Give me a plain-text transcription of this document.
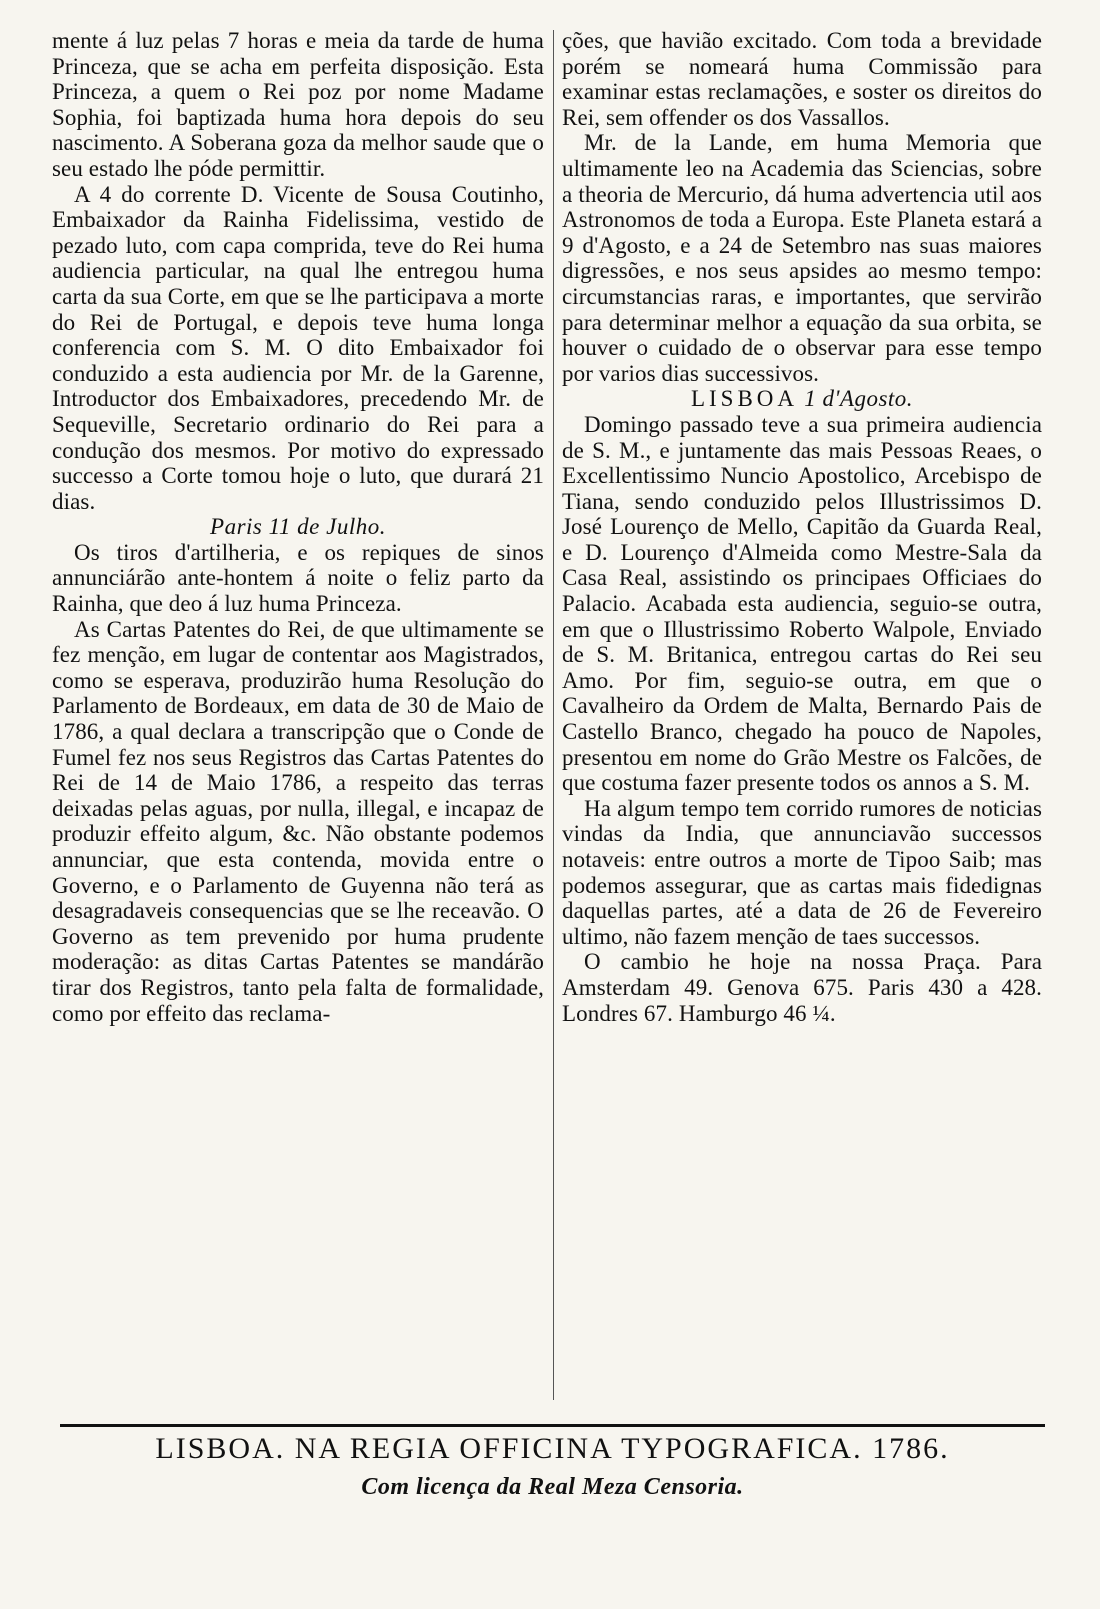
mente á luz pelas 7 horas e meia da tarde de huma Princeza, que se acha em perfeita disposição. Esta Princeza, a quem o Rei poz por nome Madame Sophia, foi baptizada huma hora depois do seu nascimento. A Soberana goza da melhor saude que o seu estado lhe póde permittir.

A 4 do corrente D. Vicente de Sousa Coutinho, Embaixador da Rainha Fidelissima, vestido de pezado luto, com capa comprida, teve do Rei huma audiencia particular, na qual lhe entregou huma carta da sua Corte, em que se lhe participava a morte do Rei de Portugal, e depois teve huma longa conferencia com S. M. O dito Embaixador foi conduzido a esta audiencia por Mr. de la Garenne, Introductor dos Embaixadores, precedendo Mr. de Sequeville, Secretario ordinario do Rei para a condução dos mesmos. Por motivo do expressado successo a Corte tomou hoje o luto, que durará 21 dias.

Paris 11 de Julho.

Os tiros d'artilheria, e os repiques de sinos annunciárão ante-hontem á noite o feliz parto da Rainha, que deo á luz huma Princeza.

As Cartas Patentes do Rei, de que ultimamente se fez menção, em lugar de contentar aos Magistrados, como se esperava, produzirão huma Resolução do Parlamento de Bordeaux, em data de 30 de Maio de 1786, a qual declara a transcripção que o Conde de Fumel fez nos seus Registros das Cartas Patentes do Rei de 14 de Maio 1786, a respeito das terras deixadas pelas aguas, por nulla, illegal, e incapaz de produzir effeito algum, &c. Não obstante podemos annunciar, que esta contenda, movida entre o Governo, e o Parlamento de Guyenna não terá as desagradaveis consequencias que se lhe receavão. O Governo as tem prevenido por huma prudente moderação: as ditas Cartas Patentes se mandárão tirar dos Registros, tanto pela falta de formalidade, como por effeito das reclama-

ções, que havião excitado. Com toda a brevidade porém se nomeará huma Commissão para examinar estas reclamações, e soster os direitos do Rei, sem offender os dos Vassallos.

Mr. de la Lande, em huma Memoria que ultimamente leo na Academia das Sciencias, sobre a theoria de Mercurio, dá huma advertencia util aos Astronomos de toda a Europa. Este Planeta estará a 9 d'Agosto, e a 24 de Setembro nas suas maiores digressões, e nos seus apsides ao mesmo tempo: circumstancias raras, e importantes, que servirão para determinar melhor a equação da sua orbita, se houver o cuidado de o observar para esse tempo por varios dias successivos.

LISBOA 1 d'Agosto.

Domingo passado teve a sua primeira audiencia de S. M., e juntamente das mais Pessoas Reaes, o Excellentissimo Nuncio Apostolico, Arcebispo de Tiana, sendo conduzido pelos Illustrissimos D. José Lourenço de Mello, Capitão da Guarda Real, e D. Lourenço d'Almeida como Mestre-Sala da Casa Real, assistindo os principaes Officiaes do Palacio. Acabada esta audiencia, seguio-se outra, em que o Illustrissimo Roberto Walpole, Enviado de S. M. Britanica, entregou cartas do Rei seu Amo. Por fim, seguio-se outra, em que o Cavalheiro da Ordem de Malta, Bernardo Pais de Castello Branco, chegado ha pouco de Napoles, presentou em nome do Grão Mestre os Falcões, de que costuma fazer presente todos os annos a S. M.

Ha algum tempo tem corrido rumores de noticias vindas da India, que annunciavão successos notaveis: entre outros a morte de Tipoo Saib; mas podemos assegurar, que as cartas mais fidedignas daquellas partes, até a data de 26 de Fevereiro ultimo, não fazem menção de taes successos.

O cambio he hoje na nossa Praça. Para Amsterdam 49. Genova 675. Paris 430 a 428. Londres 67. Hamburgo 46 ¼.

LISBOA. NA REGIA OFFICINA TYPOGRAFICA. 1786.
Com licença da Real Meza Censoria.
